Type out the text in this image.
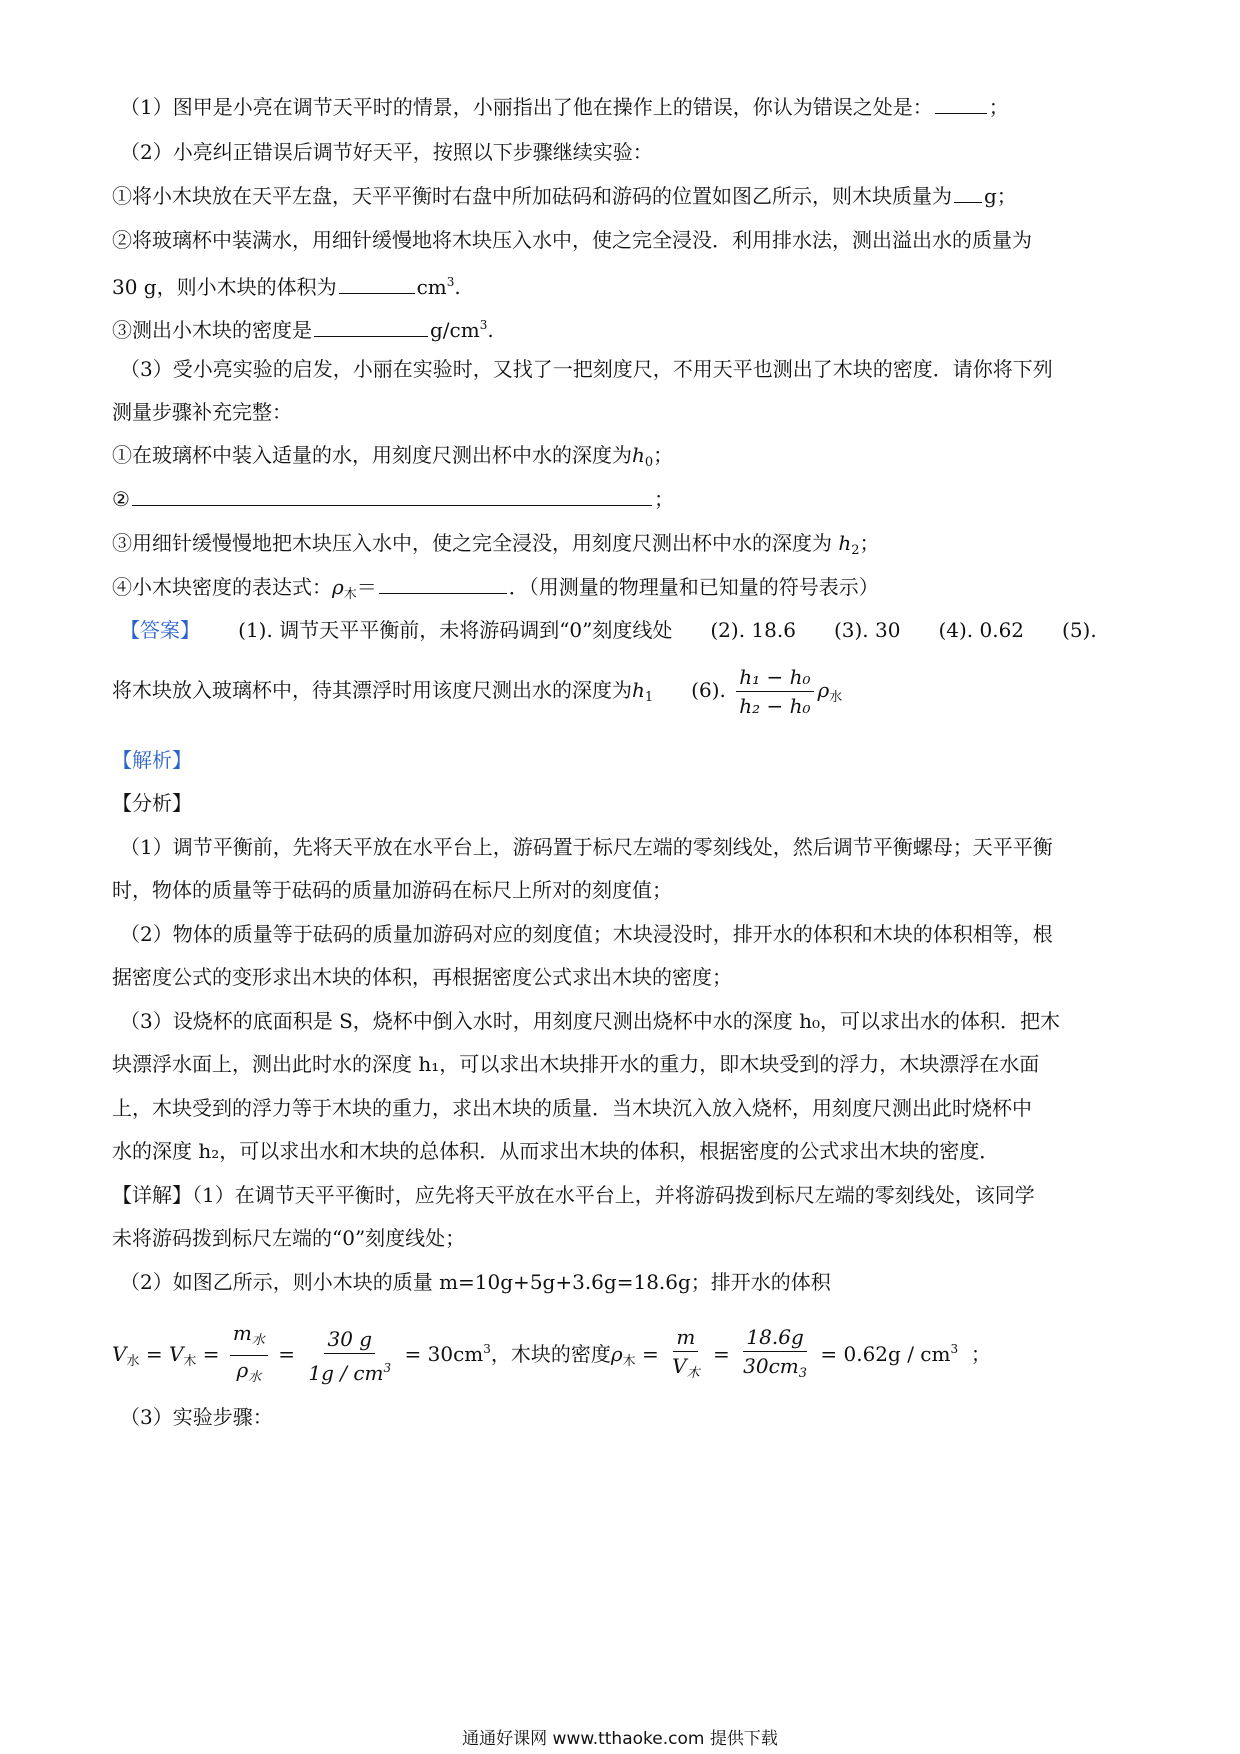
（1）图甲是小亮在调节天平时的情景，小丽指出了他在操作上的错误，你认为错误之处是：	；
（2）小亮纠正错误后调节好天平，按照以下步骤继续实验：
①将小木块放在天平左盘，天平平衡时右盘中所加砝码和游码的位置如图乙所示，则木块质量为 g；
②将玻璃杯中装满水，用细针缓慢地将木块压入水中，使之完全浸没．利用排水法，测出溢出水的质量为
30 g，则小木块的体积为	$cm^3$.
③测出小木块的密度是	$g/cm^3$.
（3）受小亮实验的启发，小丽在实验时，又找了一把刻度尺，不用天平也测出了木块的密度．请你将下列
测量步骤补充完整：
①在玻璃杯中装入适量的水，用刻度尺测出杯中水的深度为$h_0$；
②	；
③用细针缓慢慢地把木块压入水中，使之完全浸没，用刻度尺测出杯中水的深度为 $h_2$；
④小木块密度的表达式：$\rho_木=$	．（用测量的物理量和已知量的符号表示）
【答案】 (1). 调节天平平衡前，未将游码调到“0”刻度线处 (2). 18.6 (3). 30 (4). 0.62 (5).
将木块放入玻璃杯中，待其漂浮时用该度尺测出水的深度为$h_1$ (6). $\frac{\text{h₁ − h₀}}{\text{h₂ − h₀}} \rho_水$
【解析】
【分析】
（1）调节平衡前，先将天平放在水平台上，游码置于标尺左端的零刻线处，然后调节平衡螺母；天平平衡
时，物体的质量等于砝码的质量加游码在标尺上所对的刻度值；
（2）物体的质量等于砝码的质量加游码对应的刻度值；木块浸没时，排开水的体积和木块的体积相等，根
据密度公式的变形求出木块的体积，再根据密度公式求出木块的密度；
（3）设烧杯的底面积是 S，烧杯中倒入水时，用刻度尺测出烧杯中水的深度 h₀，可以求出水的体积．把木
块漂浮水面上，测出此时水的深度 h₁，可以求出木块排开水的重力，即木块受到的浮力，木块漂浮在水面
上，木块受到的浮力等于木块的重力，求出木块的质量．当木块沉入放入烧杯，用刻度尺测出此时烧杯中
水的深度 h₂，可以求出水和木块的总体积．从而求出木块的体积，根据密度的公式求出木块的密度．
【详解】（1）在调节天平平衡时，应先将天平放在水平台上，并将游码拨到标尺左端的零刻线处，该同学
未将游码拨到标尺左端的“0”刻度线处；
（2）如图乙所示，则小木块的质量 m=10g+5g+3.6g=18.6g；排开水的体积
$V_水 = V_木 = \frac{m_水}{\rho_水} = \frac{30 g}{1g / cm^3} = 30cm^3$，木块的密度$\rho_木 = \frac{m}{V_木} = \frac{18.6g}{30cm_3} = 0.62g / cm^3$ ；
（3）实验步骤：
通通好课网 www.tthaoke.com 提供下载
